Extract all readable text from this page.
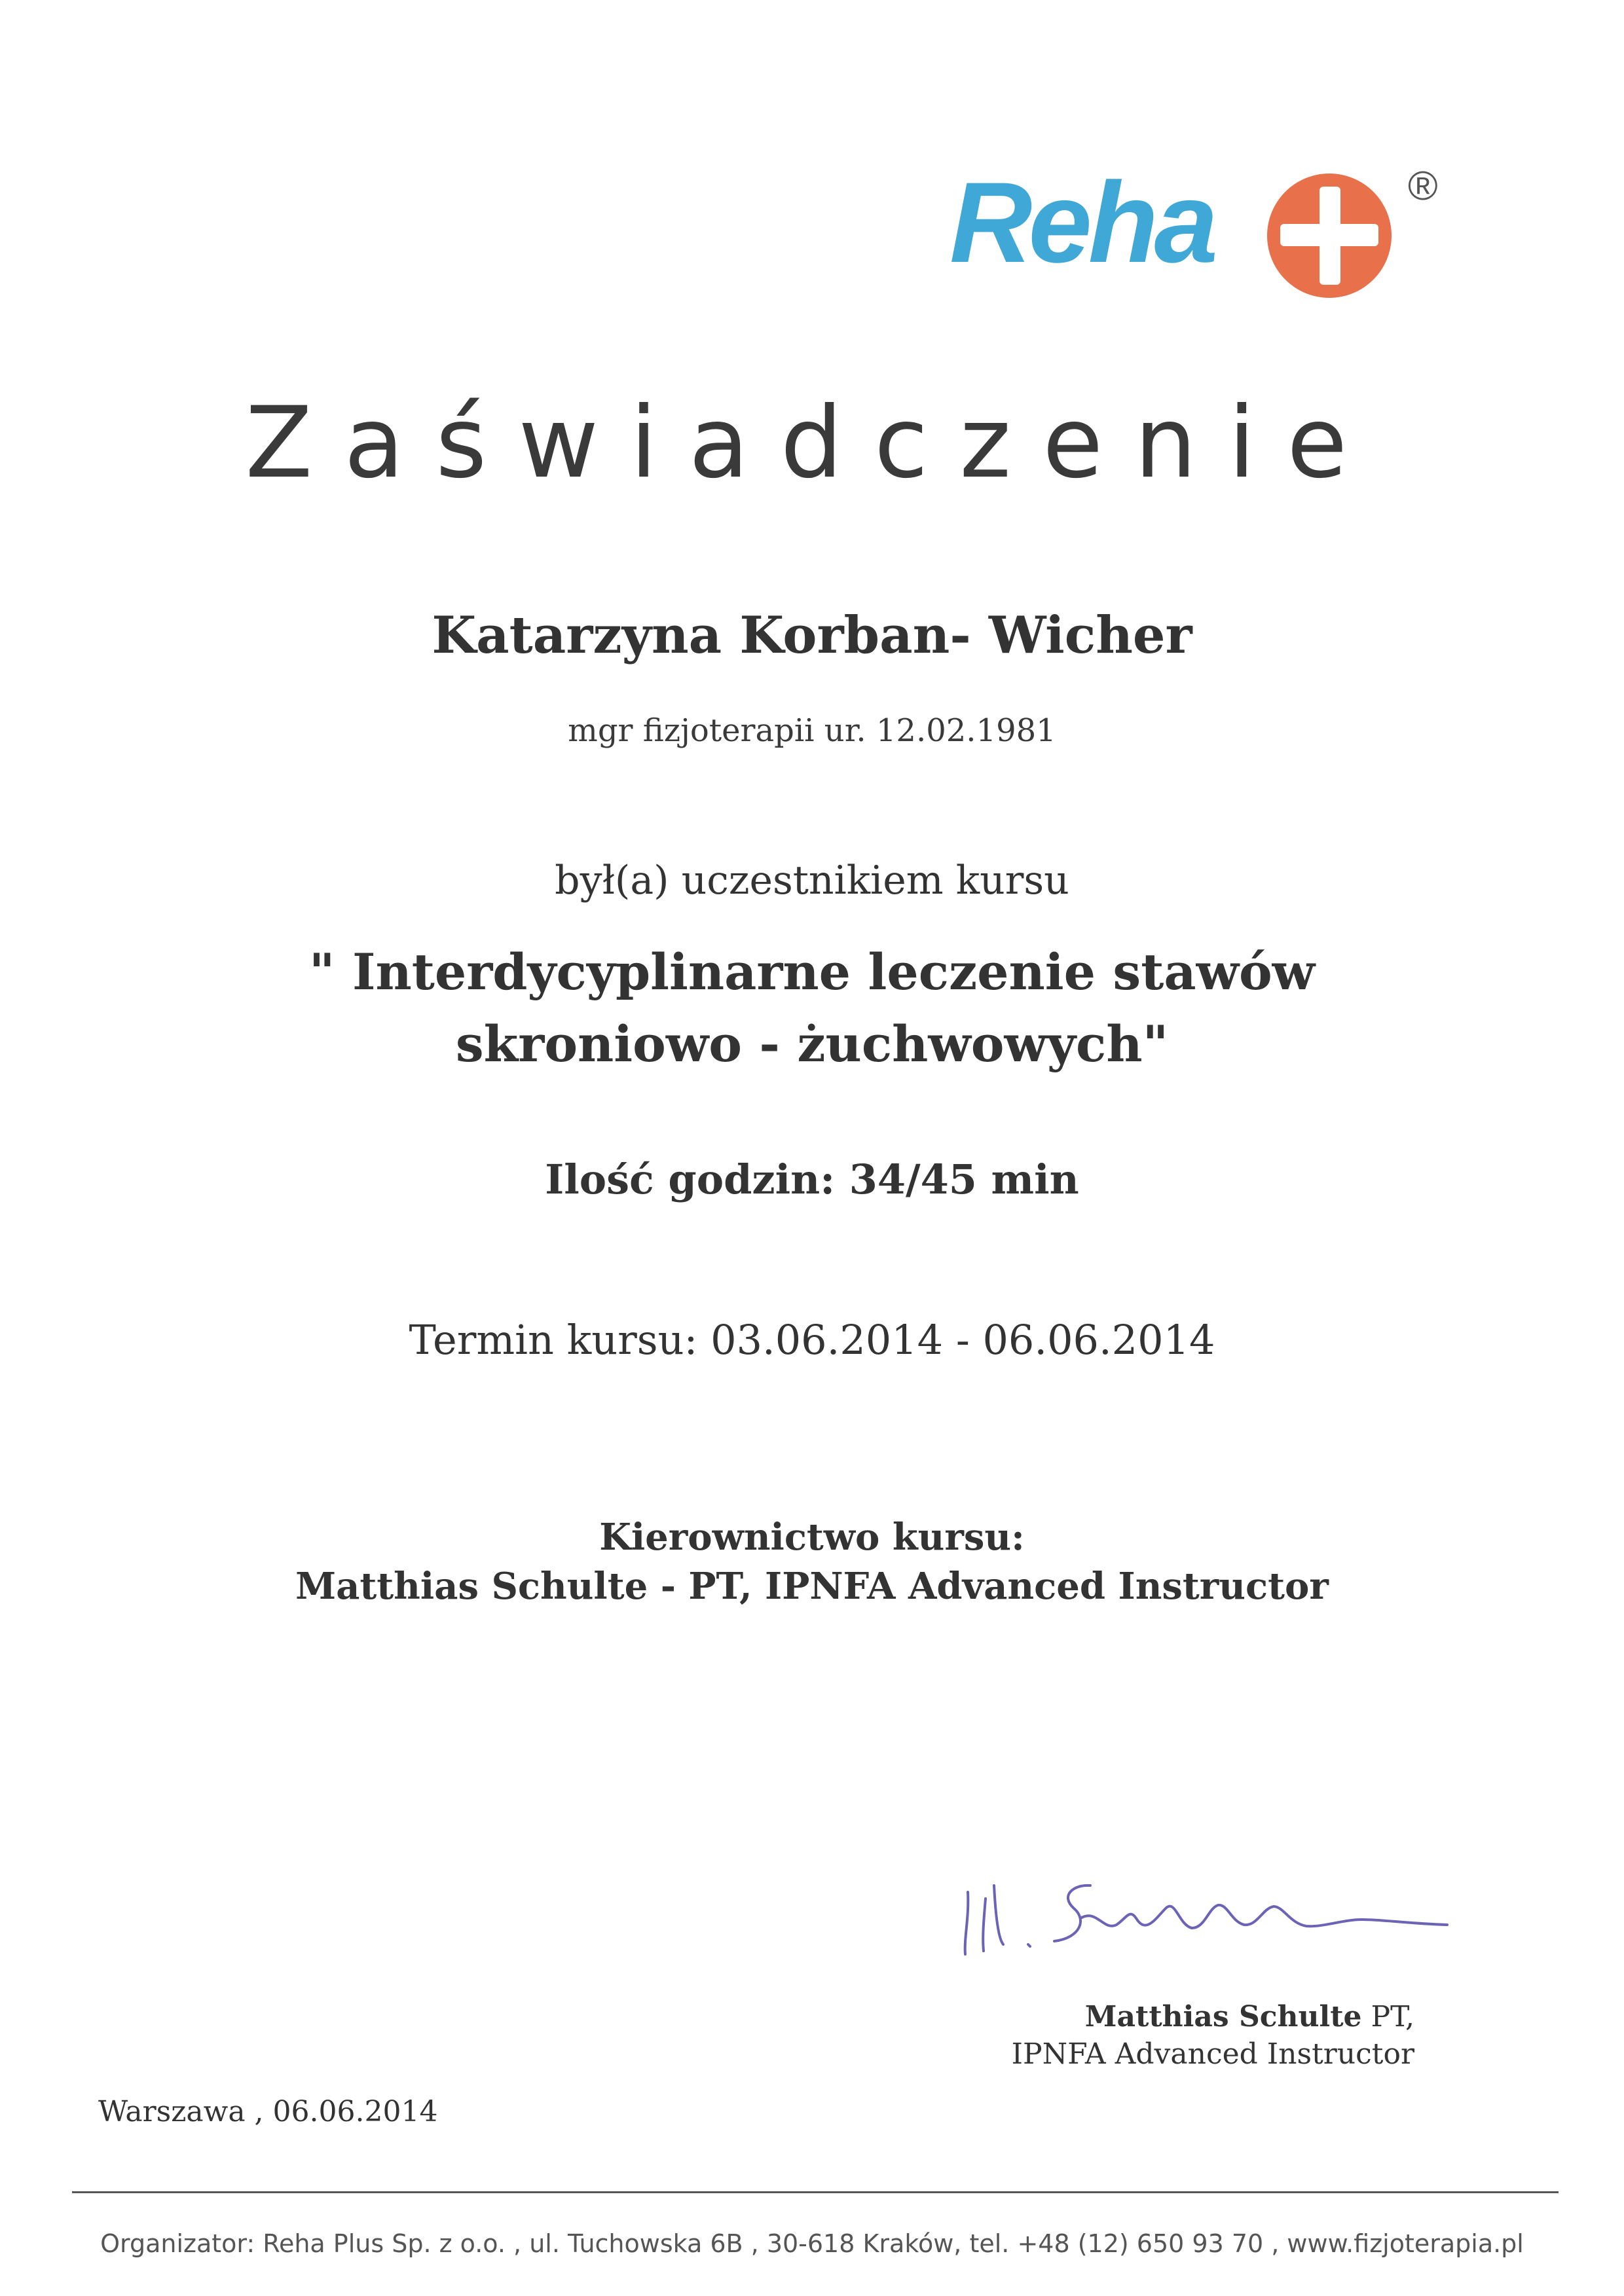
Reha	®
Zaświadczenie
Katarzyna Korban- Wicher
mgr fizjoterapii ur. 12.02.1981
był(a) uczestnikiem kursu
" Interdycyplinarne leczenie stawów
skroniowo - żuchwowych"
Ilość godzin: 34/45 min
Termin kursu: 03.06.2014 - 06.06.2014
Kierownictwo kursu:
Matthias Schulte - PT, IPNFA Advanced Instructor
Matthias Schulte PT,
IPNFA Advanced Instructor
Warszawa , 06.06.2014
Organizator: Reha Plus Sp. z o.o. , ul. Tuchowska 6B , 30-618 Kraków, tel. +48 (12) 650 93 70 , www.fizjoterapia.pl
